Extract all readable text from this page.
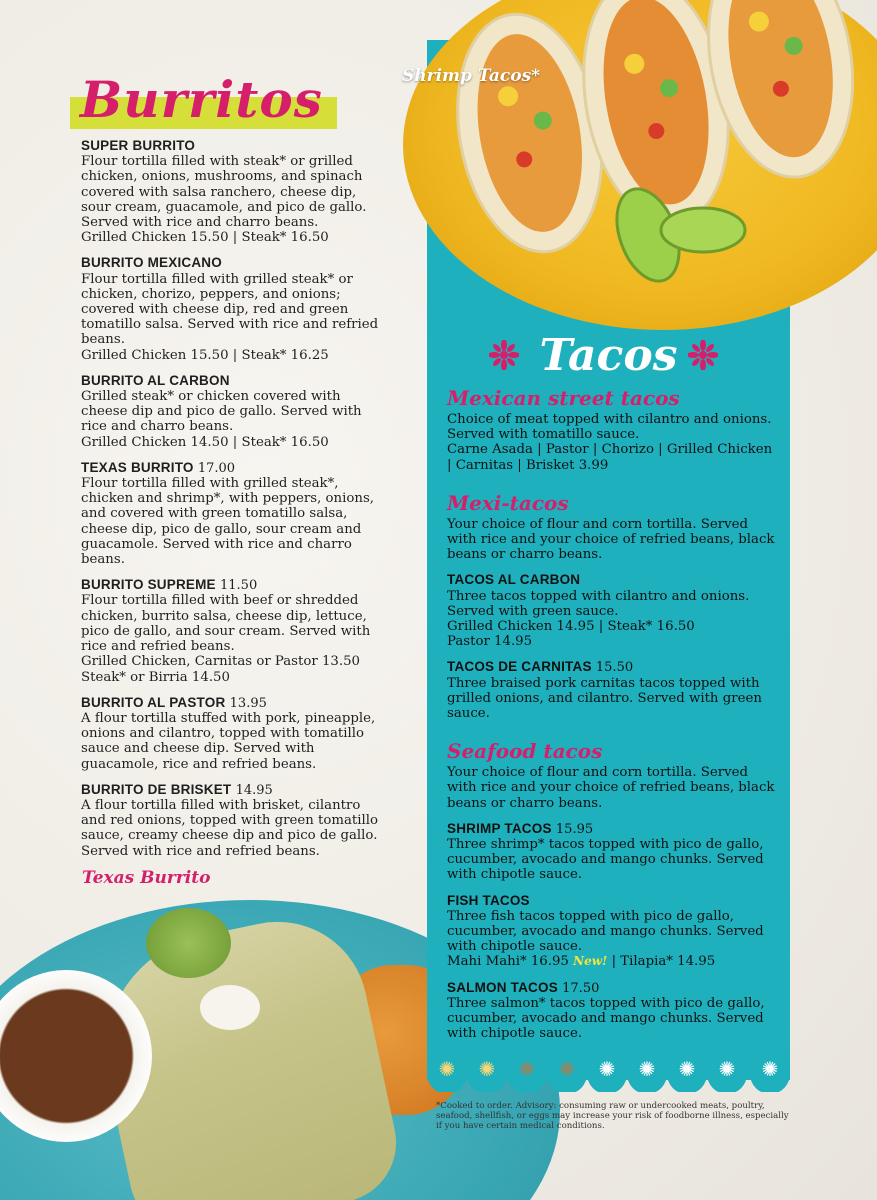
✺ ✺ ✺ ✺ ✺ ✺ ✺ ✺ ✺
Shrimp Tacos*
Burritos
SUPER BURRITO
Flour tortilla filled with steak* or grilled chicken, onions, mushrooms, and spinach covered with salsa ranchero, cheese dip, sour cream, guacamole, and pico de gallo. Served with rice and charro beans.
Grilled Chicken 15.50 | Steak* 16.50
BURRITO MEXICANO
Flour tortilla filled with grilled steak* or chicken, chorizo, peppers, and onions; covered with cheese dip, red and green tomatillo salsa. Served with rice and refried beans.
Grilled Chicken 15.50 | Steak* 16.25
BURRITO AL CARBON
Grilled steak* or chicken covered with cheese dip and pico de gallo. Served with rice and charro beans.
Grilled Chicken 14.50 | Steak* 16.50
TEXAS BURRITO 17.00
Flour tortilla filled with grilled steak*, chicken and shrimp*, with peppers, onions, and covered with green tomatillo salsa, cheese dip, pico de gallo, sour cream and guacamole. Served with rice and charro beans.
BURRITO SUPREME 11.50
Flour tortilla filled with beef or shredded chicken, burrito salsa, cheese dip, lettuce, pico de gallo, and sour cream. Served with rice and refried beans.
Grilled Chicken, Carnitas or Pastor 13.50
Steak* or Birria 14.50
BURRITO AL PASTOR 13.95
A flour tortilla stuffed with pork, pineapple, onions and cilantro, topped with tomatillo sauce and cheese dip. Served with guacamole, rice and refried beans.
BURRITO DE BRISKET 14.95
A flour tortilla filled with brisket, cilantro and red onions, topped with green tomatillo sauce, creamy cheese dip and pico de gallo. Served with rice and refried beans.
Texas Burrito
Tacos
Mexican street tacos
Choice of meat topped with cilantro and onions. Served with tomatillo sauce.
Carne Asada | Pastor | Chorizo | Grilled Chicken | Carnitas | Brisket 3.99
Mexi-tacos
Your choice of flour and corn tortilla. Served with rice and your choice of refried beans, black beans or charro beans.
TACOS AL CARBON
Three tacos topped with cilantro and onions. Served with green sauce.
Grilled Chicken 14.95 | Steak* 16.50
Pastor 14.95
TACOS DE CARNITAS 15.50
Three braised pork carnitas tacos topped with grilled onions, and cilantro. Served with green sauce.
Seafood tacos
Your choice of flour and corn tortilla. Served with rice and your choice of refried beans, black beans or charro beans.
SHRIMP TACOS 15.95
Three shrimp* tacos topped with pico de gallo, cucumber, avocado and mango chunks. Served with chipotle sauce.
FISH TACOS
Three fish tacos topped with pico de gallo, cucumber, avocado and mango chunks. Served with chipotle sauce.
Mahi Mahi* 16.95 New! | Tilapia* 14.95
SALMON TACOS 17.50
Three salmon* tacos topped with pico de gallo, cucumber, avocado and mango chunks. Served with chipotle sauce.
*Cooked to order. Advisory: consuming raw or undercooked meats, poultry, seafood, shellfish, or eggs may increase your risk of foodborne illness, especially if you have certain medical conditions.
